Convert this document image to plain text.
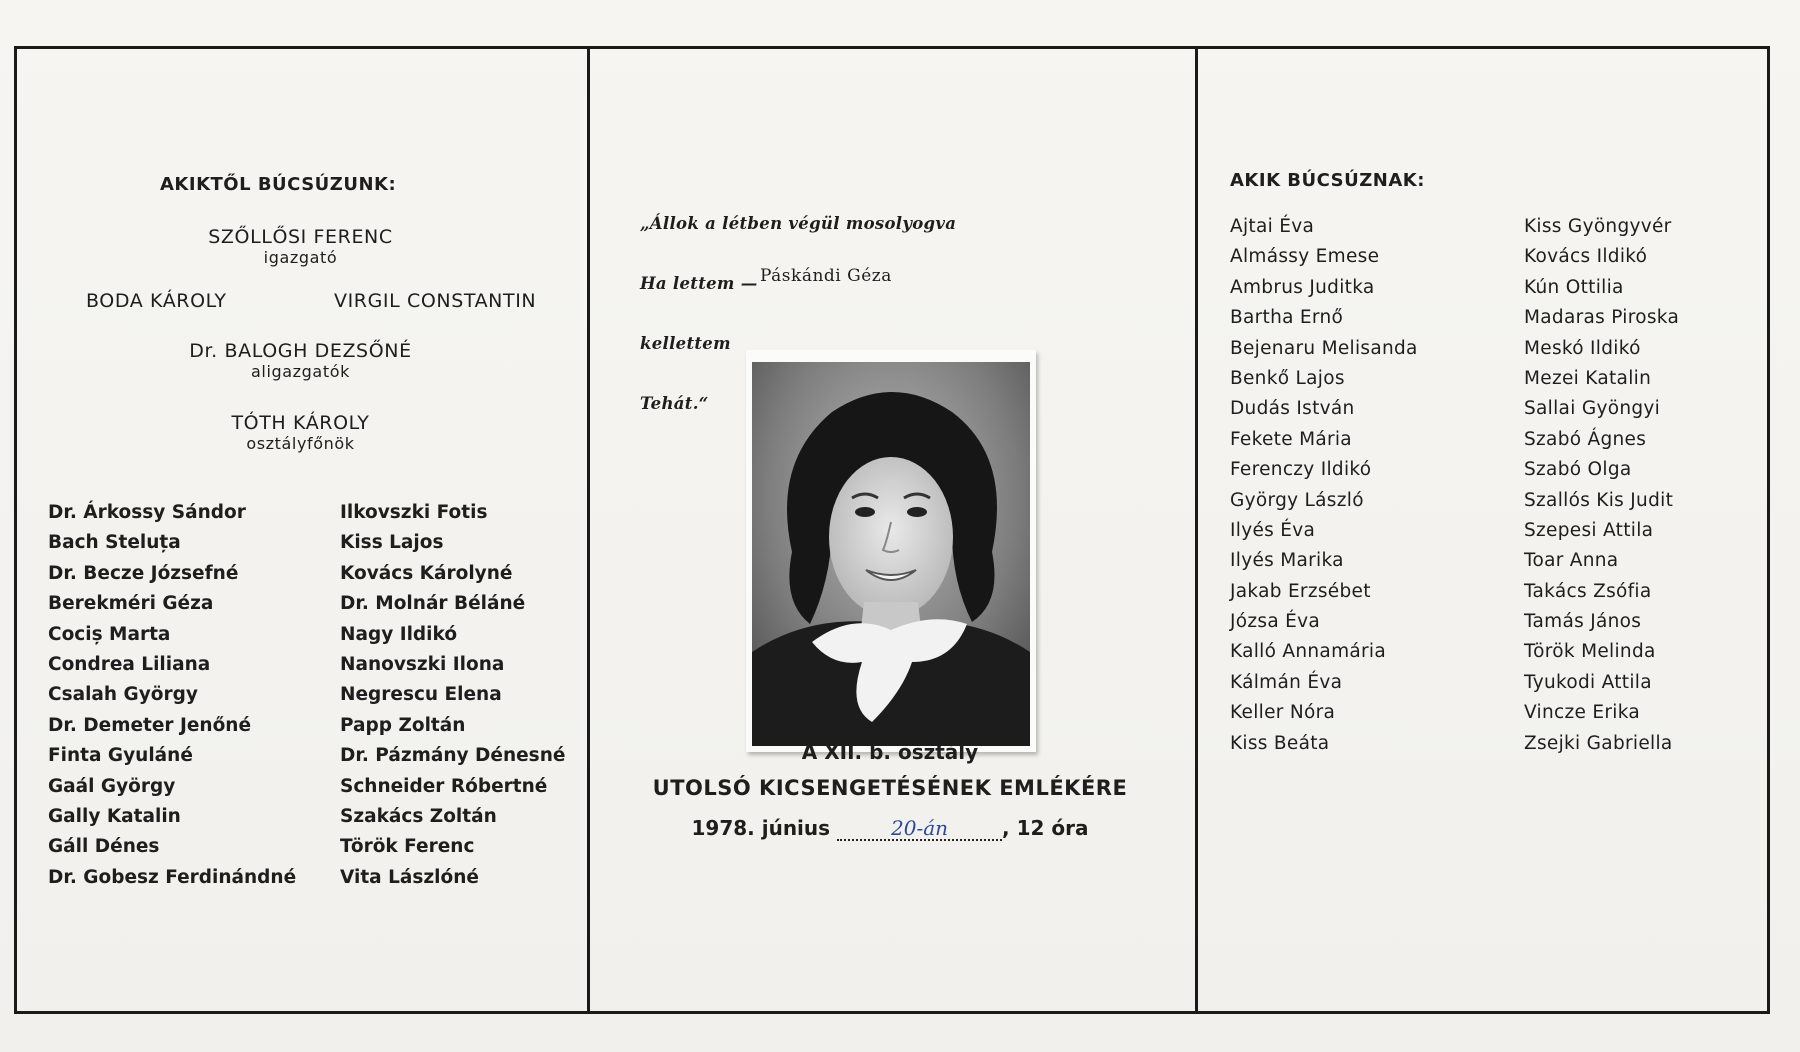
AKIKTŐL BÚCSÚZUNK:
SZŐLLŐSI FERENC
igazgató
BODA KÁROLY	VIRGIL CONSTANTIN
Dr. BALOGH DEZSŐNÉ
aligazgatók
TÓTH KÁROLY
osztályfőnök
Dr. Árkossy Sándor
Bach Steluța
Dr. Becze Józsefné
Berekméri Géza
Cociș Marta
Condrea Liliana
Csalah György
Dr. Demeter Jenőné
Finta Gyuláné
Gaál György
Gally Katalin
Gáll Dénes
Dr. Gobesz Ferdinándné
Ilkovszki Fotis
Kiss Lajos
Kovács Károlyné
Dr. Molnár Béláné
Nagy Ildikó
Nanovszki Ilona
Negrescu Elena
Papp Zoltán
Dr. Pázmány Dénesné
Schneider Róbertné
Szakács Zoltán
Török Ferenc
Vita Lászlóné

„Állok a létben végül mosolyogva

Ha lettem —

kellettem

Tehát.“

Páskándi Géza
A XII. b. osztály
UTOLSÓ KICSENGETÉSÉNEK EMLÉKÉRE
1978. június	20-án	, 12 óra
AKIK BÚCSÚZNAK:
Ajtai Éva
Almássy Emese
Ambrus Juditka
Bartha Ernő
Bejenaru Melisanda
Benkő Lajos
Dudás István
Fekete Mária
Ferenczy Ildikó
György László
Ilyés Éva
Ilyés Marika
Jakab Erzsébet
Józsa Éva
Kalló Annamária
Kálmán Éva
Keller Nóra
Kiss Beáta
Kiss Gyöngyvér
Kovács Ildikó
Kún Ottilia
Madaras Piroska
Meskó Ildikó
Mezei Katalin
Sallai Gyöngyi
Szabó Ágnes
Szabó Olga
Szallós Kis Judit
Szepesi Attila
Toar Anna
Takács Zsófia
Tamás János
Török Melinda
Tyukodi Attila
Vincze Erika
Zsejki Gabriella
